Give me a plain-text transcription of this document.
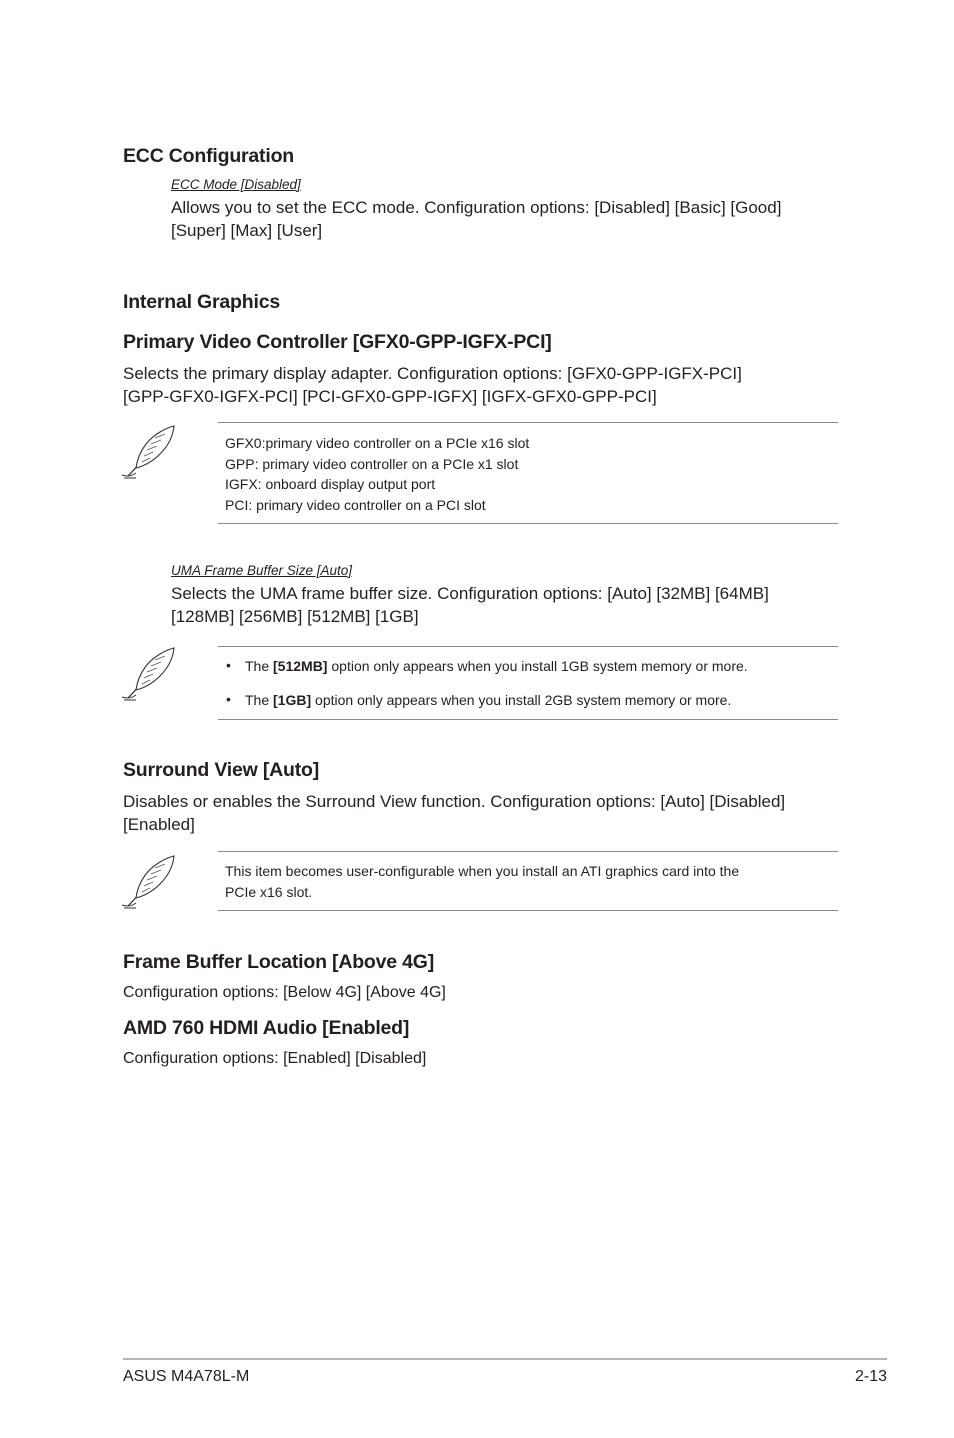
ECC Configuration
ECC Mode [Disabled]
Allows you to set the ECC mode. Configuration options: [Disabled] [Basic] [Good]
[Super] [Max] [User]
Internal Graphics
Primary Video Controller [GFX0-GPP-IGFX-PCI]
Selects the primary display adapter. Configuration options: [GFX0-GPP-IGFX-PCI]
[GPP-GFX0-IGFX-PCI] [PCI-GFX0-GPP-IGFX] [IGFX-GFX0-GPP-PCI]
GFX0:primary video controller on a PCIe x16 slot
GPP: primary video controller on a PCIe x1 slot
IGFX: onboard display output port
PCI: primary video controller on a PCI slot
UMA Frame Buffer Size [Auto]
Selects the UMA frame buffer size. Configuration options: [Auto] [32MB] [64MB]
[128MB] [256MB] [512MB] [1GB]
• The [512MB] option only appears when you install 1GB system memory or more.
• The [1GB] option only appears when you install 2GB system memory or more.
Surround View [Auto]
Disables or enables the Surround View function. Configuration options: [Auto] [Disabled]
[Enabled]
This item becomes user-configurable when you install an ATI graphics card into the
PCIe x16 slot.
Frame Buffer Location [Above 4G]
Configuration options: [Below 4G] [Above 4G]
AMD 760 HDMI Audio [Enabled]
Configuration options: [Enabled] [Disabled]
ASUS M4A78L-M	2-13
